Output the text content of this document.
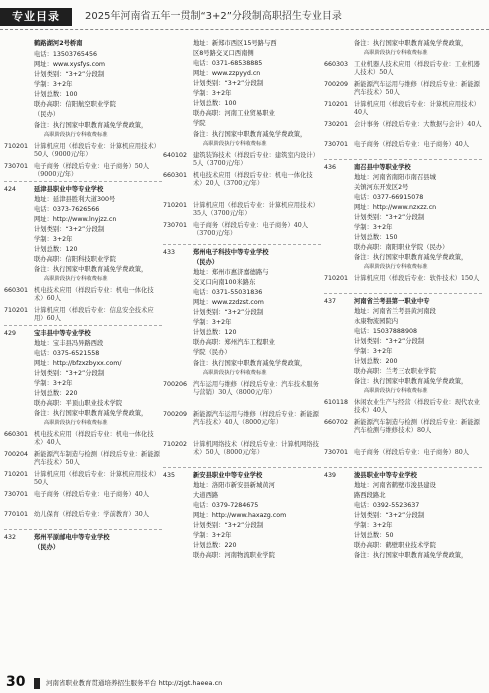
专业目录	2025年河南省五年一贯制“3+2”分段制高职招生专业目录
鹤路湖河2号桥南
电话：13503765456
网址：www.xysfys.com
计划类别：“3+2”分段制
学制：3+2年
计划总数：100
联办高职：信阳航空职业学院
（民办）
备注：执行国家中职教育减免学费政策，
高职阶段执行专科收费标准
710201 计算机应用（样段后专业：计算机应用技术）50人（9000元/年）
730701 电子商务（样段后专业：电子商务）50人（9000元/年）
424	延津县职业中等专业学校
地址：延津县胜利大道300号
电话：0373-7626566
网址：http://www.lnyjzz.cn
计划类别：“3+2”分段制
学制：3+2年
计划总数：120
联办高职：信阳科技职业学院
备注：执行国家中职教育减免学费政策，
高职阶段执行专科收费标准
660301 机电技术应用（样段后专业：机电一体化技术）60人
710201 计算机应用（样段后专业：信息安全技术应用）60人
429	宝丰县中等专业学校
地址：宝丰县冯异路西段
电话：0375-6521558
网址：http://bfzxzbyxx.com/
计划类别：“3+2”分段制
学制：3+2年
计划总数：220
联办高职：平顶山职业技术学院
备注：执行国家中职教育减免学费政策，
高职阶段执行专科收费标准
660301 机电技术应用（样段后专业：机电一体化技术）40人
700204 新能源汽车制造与检测（样段后专业：新能源汽车技术）50人
710201 计算机应用（样段后专业：计算机应用技术）50人
730701 电子商务（样段后专业：电子商务）40人
770101 幼儿保育（样段后专业：学前教育）30人
432	郑州平原邮电中等专业学校
（民办）
地址：新郑市西区15号路与西
区8号路交叉口西南侧
电话：0371-68538885
网址：www.zzpyyd.cn
计划类别：“3+2”分段制
学制：3+2年
计划总数：100
联办高职：河南工业贸易职业
学院
备注：执行国家中职教育减免学费政策，
高职阶段执行专科收费标准
640102 建筑装饰技术（样段后专业：建筑室内设计）5人（3700元/年）
660301 机电技术应用（样段后专业：机电一体化技术）20人（3700元/年）
710201 计算机应用（样段后专业：计算机应用技术）35人（3700元/年）
730701 电子商务（样段后专业：电子商务）40人（3700元/年）
433	郑州电子科技中等专业学校
（民办）
地址：郑州市惠济嘉德路与
交叉口向南100米路东
电话：0371-55031836
网址：www.zzdzst.com
计划类别：“3+2”分段制
学制：3+2年
计划总数：120
联办高职：郑州汽车工程职业
学院（民办）
备注：执行国家中职教育减免学费政策，
高职阶段执行专科收费标准
700206 汽车运用与维修（样段后专业：汽车技术服务与营销）30人（8000元/年）
700209 新能源汽车运用与维修（样段后专业：新能源汽车技术）40人（8000元/年）
710202 计算机网络技术（样段后专业：计算机网络技术）50人（8000元/年）
435	新安县职业中等专业学校
地址：洛阳市新安县新城黄河
大道西路
电话：0379-7284675
网址：http://www.haxazg.com
计划类别：“3+2”分段制
学制：3+2年
计划总数：220
联办高职：河南物流职业学院
备注：执行国家中职教育减免学费政策，
高职阶段执行专科收费标准
660303 工业机器人技术应用（样段后专业：工业机器人技术）50人
700209 新能源汽车运用与维修（样段后专业：新能源汽车技术）50人
710201 计算机应用（样段后专业：计算机应用技术）40人
730201 会计事务（样段后专业：大数据与会计）40人
730701 电子商务（样段后专业：电子商务）40人
436	南召县中等职业学校
地址：河南省南阳市南召县城
关镇河东开发区2号
电话：0377-66915078
网址：http://www.nzxzz.cn
计划类别：“3+2”分段制
学制：3+2年
计划总数：150
联办高职：南阳职业学院（民办）
备注：执行国家中职教育减免学费政策，
高职阶段执行专科收费标准
710201 计算机应用（样段后专业：软件技术）150人
437	河南省兰考县第一职业中专
地址：河南省兰考县黄河南段
永康物流园院内
电话：15037888908
计划类别：“3+2”分段制
学制：3+2年
计划总数：200
联办高职：兰考三农职业学院
备注：执行国家中职教育减免学费政策，
高职阶段执行专科收费标准
610118 休闲农业生产与经营（样段后专业：现代农业技术）40人
660702 新能源汽车制造与检测（样段后专业：新能源汽车检测与维修技术）80人
730701 电子商务（样段后专业：电子商务）80人
439	浚县职业中等专业学校
地址：河南省鹤壁市浚县建设
路西段路北
电话：0392-5523637
计划类别：“3+2”分段制
学制：3+2年
计划总数：50
联办高职：鹤壁职业技术学院
备注：执行国家中职教育减免学费政策，
30	河南省职业教育贯通培养招生服务平台 http://zjgt.haeea.cn
